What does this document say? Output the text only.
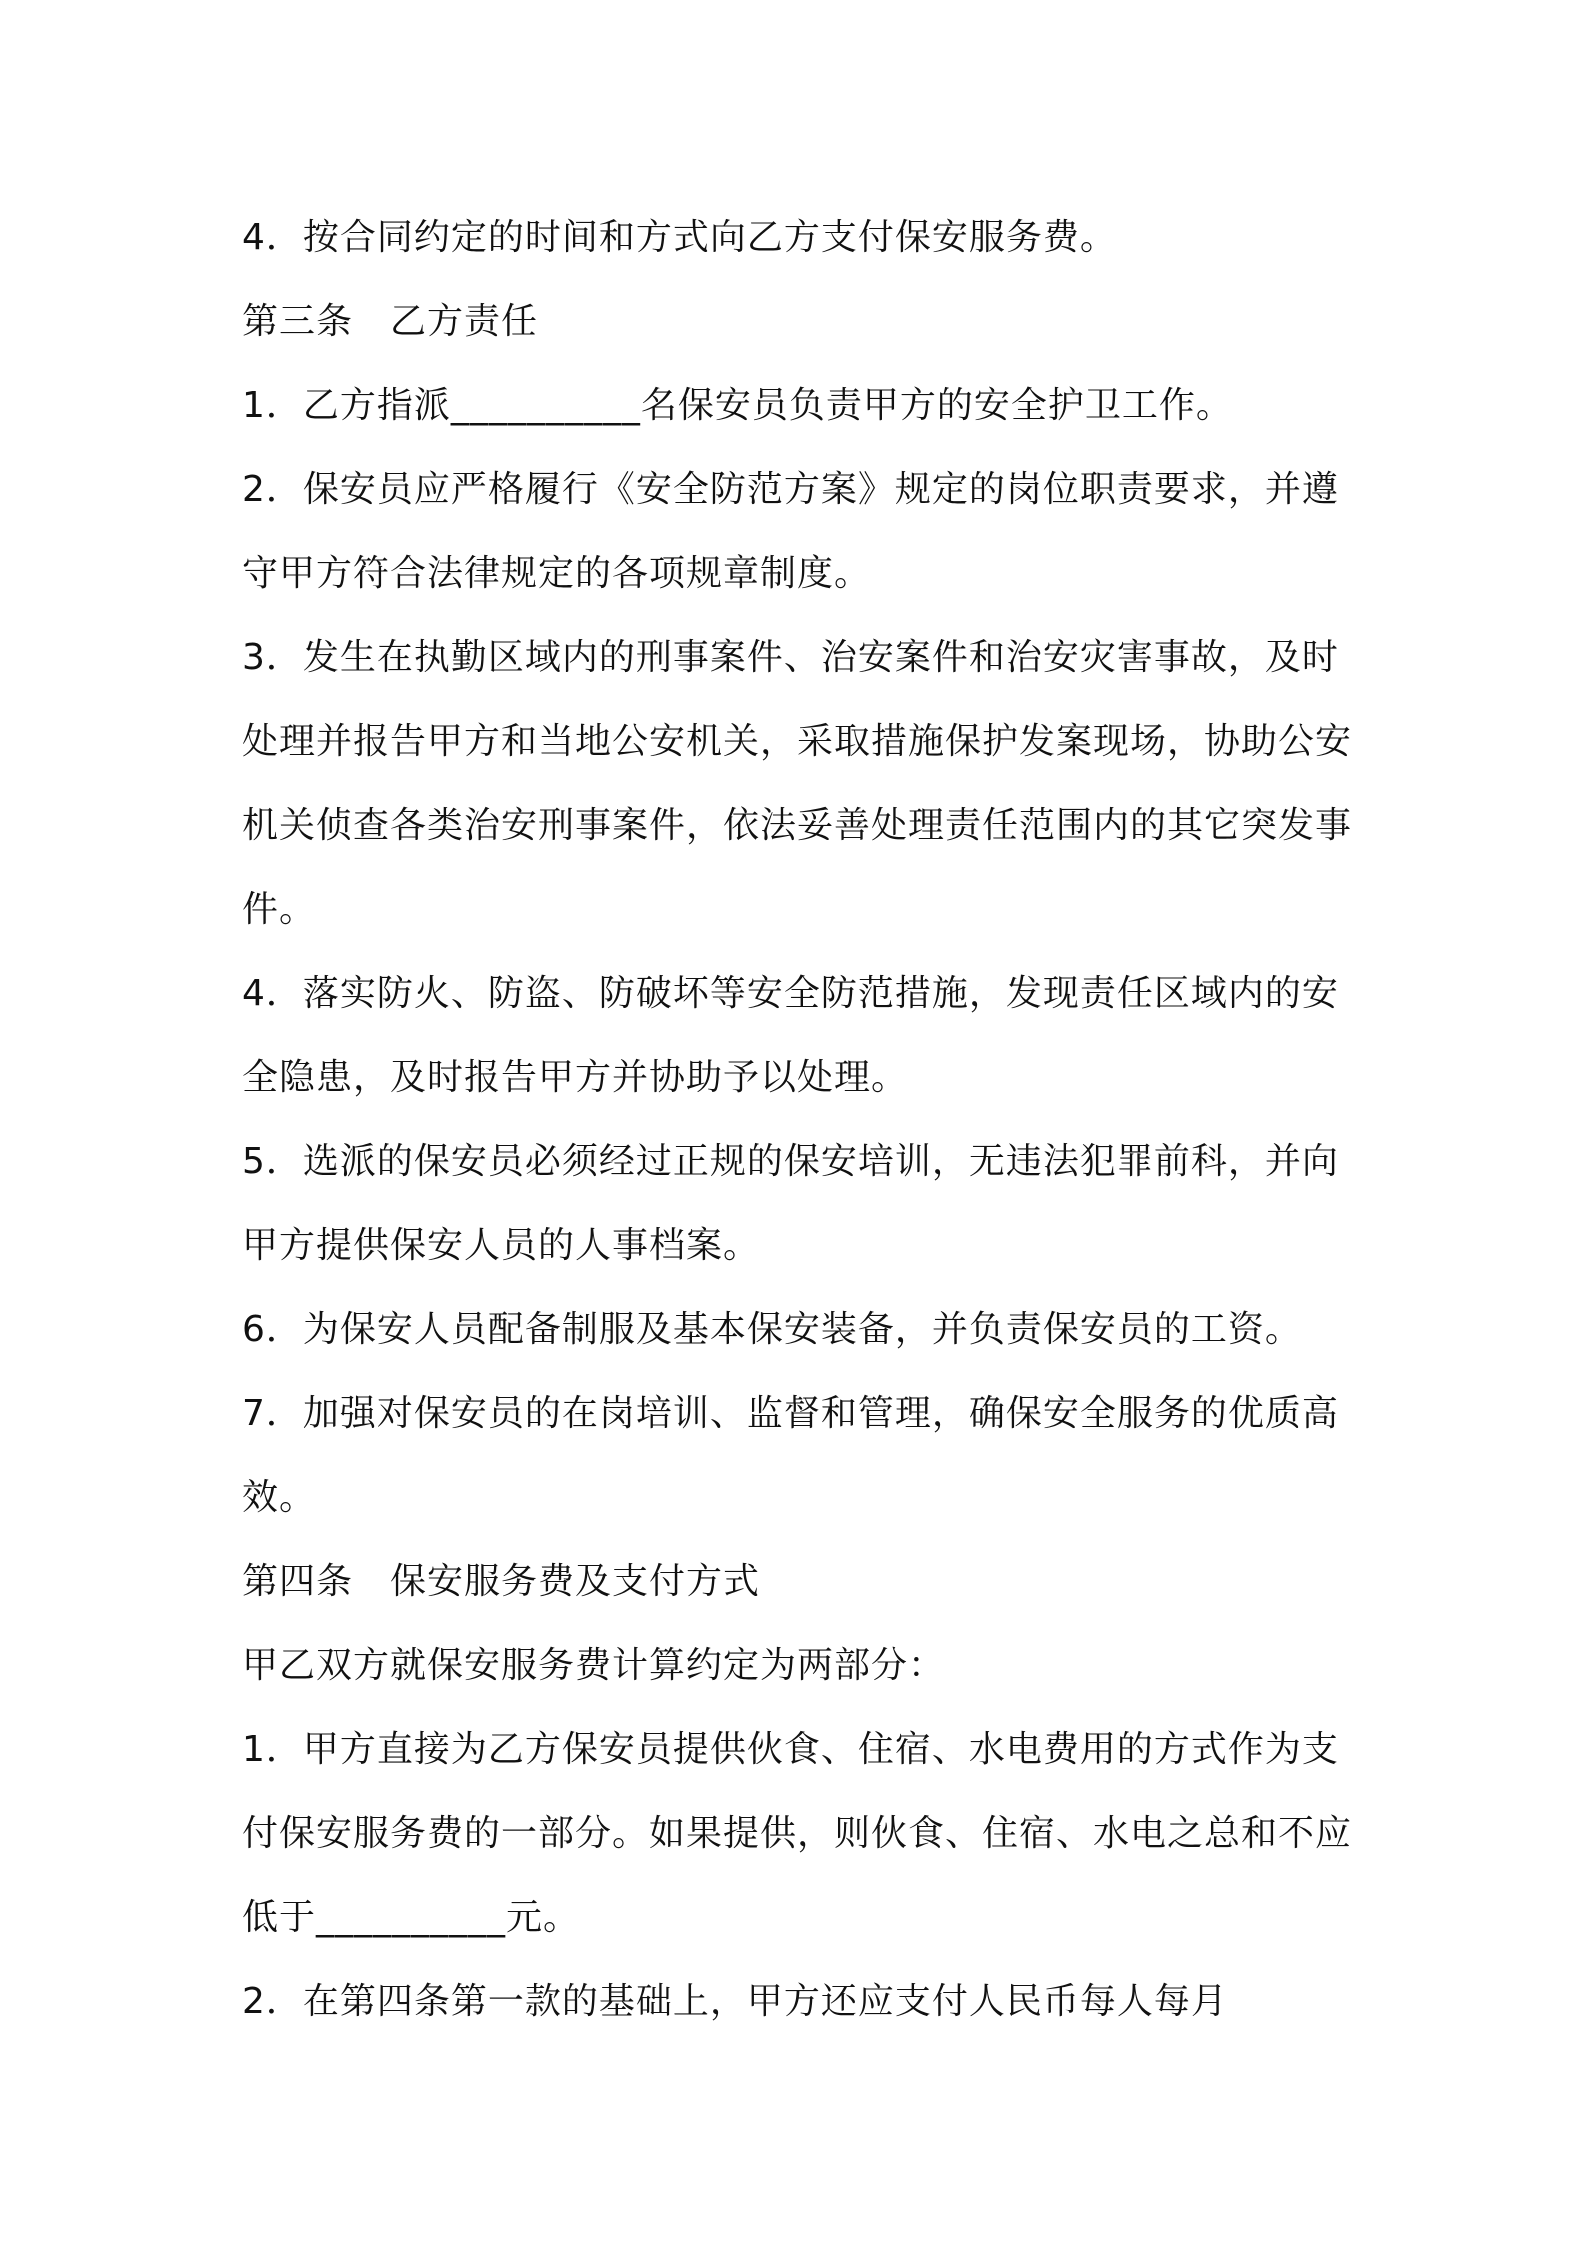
4．按合同约定的时间和方式向乙方支付保安服务费。

第三条　乙方责任

1．乙方指派__________名保安员负责甲方的安全护卫工作。

2．保安员应严格履行《安全防范方案》规定的岗位职责要求，并遵守甲方符合法律规定的各项规章制度。

3．发生在执勤区域内的刑事案件、治安案件和治安灾害事故，及时处理并报告甲方和当地公安机关，采取措施保护发案现场，协助公安机关侦查各类治安刑事案件，依法妥善处理责任范围内的其它突发事件。

4．落实防火、防盗、防破坏等安全防范措施，发现责任区域内的安全隐患，及时报告甲方并协助予以处理。

5．选派的保安员必须经过正规的保安培训，无违法犯罪前科，并向甲方提供保安人员的人事档案。

6．为保安人员配备制服及基本保安装备，并负责保安员的工资。

7．加强对保安员的在岗培训、监督和管理，确保安全服务的优质高效。

第四条　保安服务费及支付方式

甲乙双方就保安服务费计算约定为两部分：

1．甲方直接为乙方保安员提供伙食、住宿、水电费用的方式作为支付保安服务费的一部分。如果提供，则伙食、住宿、水电之总和不应低于__________元。

2．在第四条第一款的基础上，甲方还应支付人民币每人每月
